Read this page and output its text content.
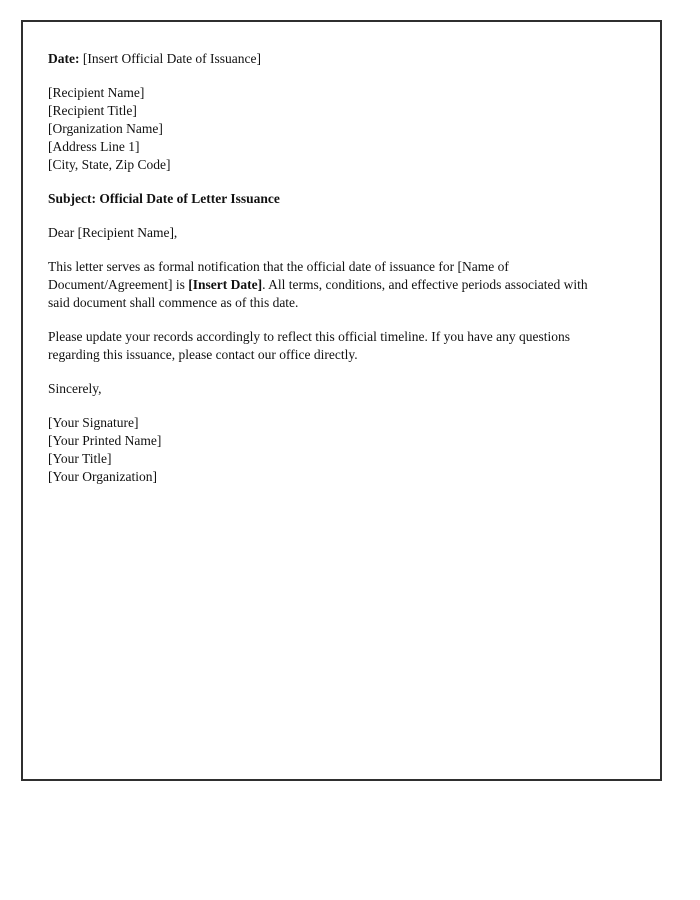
Date: [Insert Official Date of Issuance]

[Recipient Name]
[Recipient Title]
[Organization Name]
[Address Line 1]
[City, State, Zip Code]

Subject: Official Date of Letter Issuance

Dear [Recipient Name],

This letter serves as formal notification that the official date of issuance for [Name of Document/Agreement] is [Insert Date]. All terms, conditions, and effective periods associated with said document shall commence as of this date.

Please update your records accordingly to reflect this official timeline. If you have any questions regarding this issuance, please contact our office directly.

Sincerely,

[Your Signature]
[Your Printed Name]
[Your Title]
[Your Organization]
